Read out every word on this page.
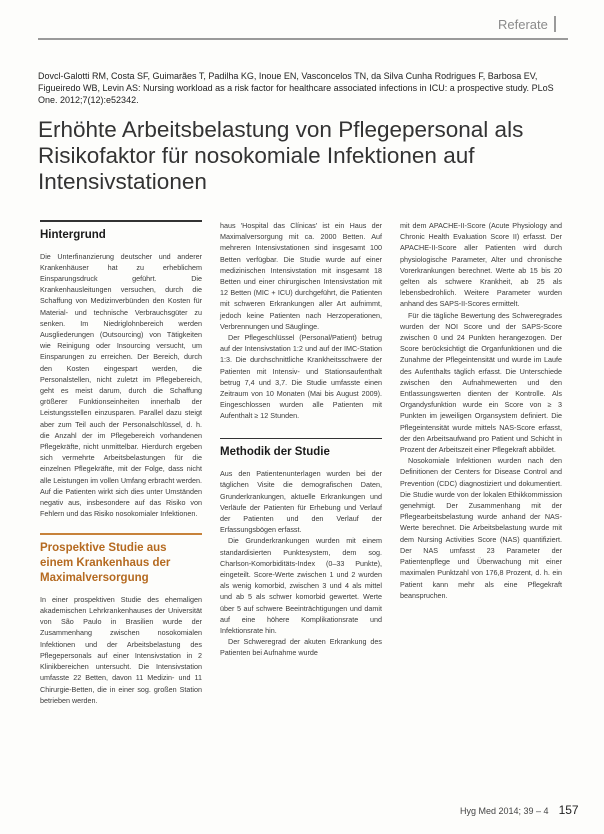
Referate
Dovcl-Galotti RM, Costa SF, Guimarães T, Padilha KG, Inoue EN, Vasconcelos TN, da Silva Cunha Rodrigues F, Barbosa EV, Figueiredo WB, Levin AS: Nursing workload as a risk factor for healthcare associated infections in ICU: a prospective study. PLoS One. 2012;7(12):e52342.
Erhöhte Arbeitsbelastung von Pflegepersonal als Risikofaktor für nosokomiale Infektionen auf Intensivstationen
Hintergrund

Die Unterfinanzierung deutscher und anderer Krankenhäuser hat zu erheblichem Einsparungsdruck geführt. Die Krankenhausleitungen versuchen, durch die Schaffung von Medizinverbünden den Kosten für Material- und technische Verbrauchsgüter zu senken. Im Niedriglohnbereich werden Ausgliederungen (Outsourcing) von Tätigkeiten wie Reinigung oder Insourcing versucht, um Einsparungen zu erreichen. Der Bereich, durch den Kosten eingespart werden, die Personalstellen, nicht zuletzt im Pflegebereich, geht es meist darum, durch die Schaffung größerer Funktionseinheiten innerhalb der Leistungsstellen einzusparen. Parallel dazu steigt aber zum Teil auch der Personalschlüssel, d. h. die Anzahl der im Pflegebereich vorhandenen Pflegekräfte, nicht unmittelbar. Hierdurch ergeben sich vermehrte Arbeitsbelastungen für die einzelnen Pflegekräfte, mit der Folge, dass nicht alle Leistungen im vollen Umfang erbracht werden. Auf die Patienten wirkt sich dies unter Umständen negativ aus, insbesondere auf das Risiko von Fehlern und das Risiko nosokomialer Infektionen.

Prospektive Studie aus einem Krankenhaus der Maximalversorgung

In einer prospektiven Studie des ehemaligen akademischen Lehrkrankenhauses der Universität von São Paulo in Brasilien wurde der Zusammenhang zwischen nosokomialen Infektionen und der Arbeitsbelastung des Pflegepersonals auf einer Intensivstation in 2 Klinikbereichen untersucht. Die Intensivstation umfasste 22 Betten, davon 11 Medizin- und 11 Chirurgie-Betten, die in einer sog. großen Station betrieben werden.

haus 'Hospital das Clínicas' ist ein Haus der Maximalversorgung mit ca. 2000 Betten. Auf mehreren Intensivstationen sind insgesamt 100 Betten verfügbar. Die Studie wurde auf einer medizinischen Intensivstation mit insgesamt 18 Betten und einer chirurgischen Intensivstation mit 12 Betten (MIC + ICU) durchgeführt, die Patienten mit schweren Erkrankungen aller Art aufnimmt, jedoch keine Patienten nach Herzoperationen, Verbrennungen und Säuglinge.

Der Pflegeschlüssel (Personal/Patient) betrug auf der Intensivstation 1:2 und auf der IMC-Station 1:3. Die durchschnittliche Krankheitsschwere der Patienten mit Intensiv- und Stationsaufenthalt betrug 7,4 und 3,7. Die Studie umfasste einen Zeitraum von 10 Monaten (Mai bis August 2009). Eingeschlossen wurden alle Patienten mit Aufenthalt ≥ 12 Stunden.

Methodik der Studie

Aus den Patientenunterlagen wurden bei der täglichen Visite die demografischen Daten, Grunderkrankungen, aktuelle Erkrankungen und Verläufe der Patienten für Erhebung und Verlauf der Patienten und den Verlauf der Erfassungsbögen erfasst.

Die Grunderkrankungen wurden mit einem standardisierten Punktesystem, dem sog. Charlson-Komorbiditäts-Index (0–33 Punkte), eingeteilt. Score-Werte zwischen 1 und 2 wurden als wenig komorbid, zwischen 3 und 4 als mittel und ab 5 als schwer komorbid gewertet. Werte über 5 auf schwere Beeinträchtigungen und damit auf eine höhere Komplikationsrate und Infektionsrate hin.

Der Schweregrad der akuten Erkrankung des Patienten bei Aufnahme wurde

mit dem APACHE-II-Score (Acute Physiology and Chronic Health Evaluation Score II) erfasst. Der APACHE-II-Score aller Patienten wird durch physiologische Parameter, Alter und chronische Vorerkrankungen berechnet. Werte ab 15 bis 20 gelten als schwere Krankheit, ab 25 als lebensbedrohlich. Weitere Parameter wurden anhand des SAPS-II-Scores ermittelt.

Für die tägliche Bewertung des Schweregrades wurden der NOI Score und der SAPS-Score zwischen 0 und 24 Punkten herangezogen. Der Score berücksichtigt die Organfunktionen und die Zunahme der Pflegeintensität und wurde im Laufe des Aufenthalts täglich erfasst. Die Unterschiede zwischen den Aufnahmewerten und den Entlassungswerten dienten der Kontrolle. Als Organdysfunktion wurde ein Score von ≥ 3 Punkten im jeweiligen Organsystem definiert. Die Pflegeintensität wurde mittels NAS-Score erfasst, der den Arbeitsaufwand pro Patient und Schicht in Prozent der Arbeitszeit einer Pflegekraft abbildet.

Nosokomiale Infektionen wurden nach den Definitionen der Centers for Disease Control and Prevention (CDC) diagnostiziert und dokumentiert. Die Studie wurde von der lokalen Ethikkommission genehmigt. Der Zusammenhang mit der Pflegearbeitsbelastung wurde anhand der NAS-Werte berechnet. Die Arbeitsbelastung wurde mit dem Nursing Activities Score (NAS) quantifiziert. Der NAS umfasst 23 Parameter der Patientenpflege und Überwachung mit einer maximalen Punktzahl von 176,8 Prozent, d. h. ein Patient kann mehr als eine Pflegekraft beanspruchen.

Hyg Med 2014; 39 – 4 157
